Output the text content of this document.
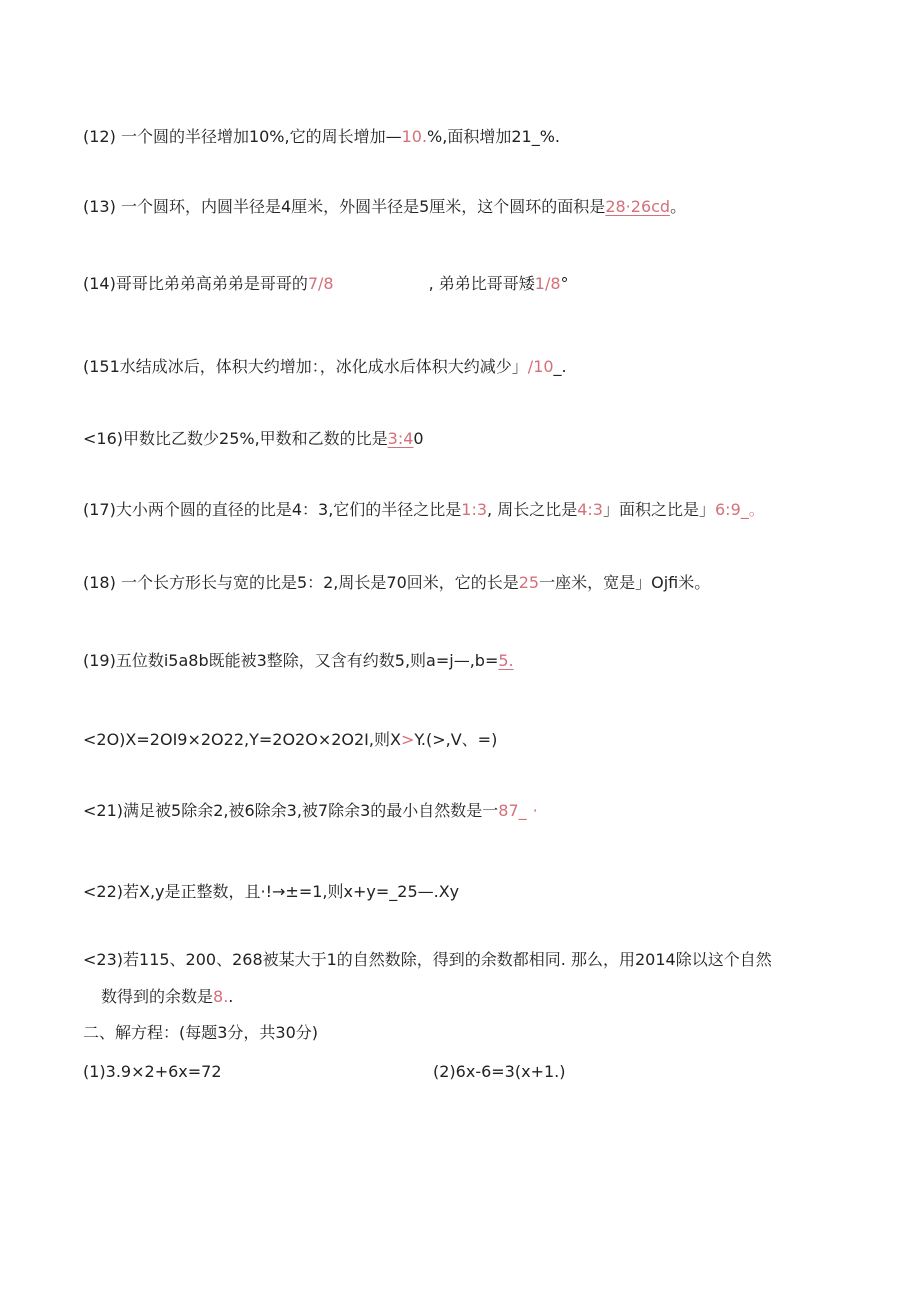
(12) 一个圆的半径增加10%,它的周长增加—10.%,面积增加21_%.
(13) 一个圆环，内圆半径是4厘米，外圆半径是5厘米，这个圆环的面积是28·26cd。
(14)哥哥比弟弟高弟弟是哥哥的7/8	, 弟弟比哥哥矮1/8°
(151水结成冰后，体积大约增加：，冰化成水后体积大约减少」/10_.
<16)甲数比乙数少25%,甲数和乙数的比是3:40
(17)大小两个圆的直径的比是4：3,它们的半径之比是1:3, 周长之比是4:3」面积之比是」6:9_。
(18) 一个长方形长与宽的比是5：2,周长是70回米，它的长是25一座米，宽是」Ojfi米。
(19)五位数i5a8b既能被3整除，又含有约数5,则a=j—,b=5.
<2O)X=2OI9×2O22,Y=2O2O×2O2I,则X>Y.(>,V、=)
<21)满足被5除余2,被6除余3,被7除余3的最小自然数是一87_ ·
<22)若X,y是正整数，且·!→±=1,则x+y=_25—.Xy
<23)若115、200、268被某大于1的自然数除，得到的余数都相同. 那么，用2014除以这个自然
数得到的余数是8..
二、解方程：(每题3分，共30分)
(1)3.9×2+6x=72	(2)6x-6=3(x+1.)
